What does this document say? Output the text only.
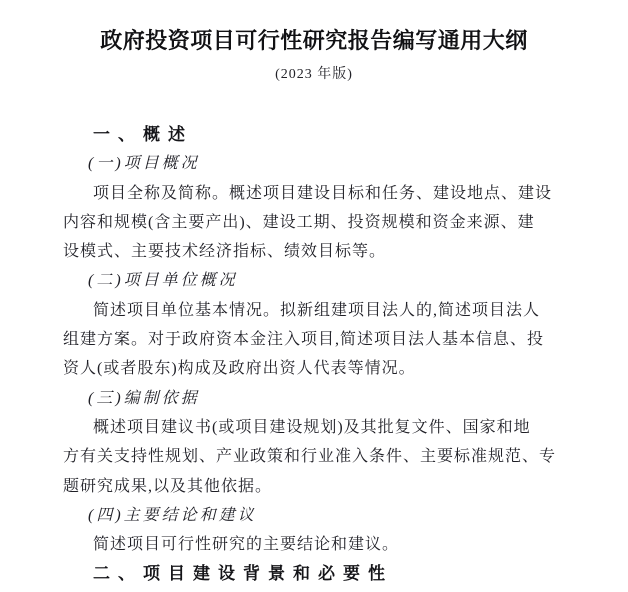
政府投资项目可行性研究报告编写通用大纲
(2023 年版)
一、概述
(一)项目概况
项目全称及简称。概述项目建设目标和任务、建设地点、建设
内容和规模(含主要产出)、建设工期、投资规模和资金来源、建
设模式、主要技术经济指标、绩效目标等。
(二)项目单位概况
简述项目单位基本情况。拟新组建项目法人的,简述项目法人
组建方案。对于政府资本金注入项目,简述项目法人基本信息、投
资人(或者股东)构成及政府出资人代表等情况。
(三)编制依据
概述项目建议书(或项目建设规划)及其批复文件、国家和地
方有关支持性规划、产业政策和行业准入条件、主要标准规范、专
题研究成果,以及其他依据。
(四)主要结论和建议
简述项目可行性研究的主要结论和建议。
二、项目建设背景和必要性
